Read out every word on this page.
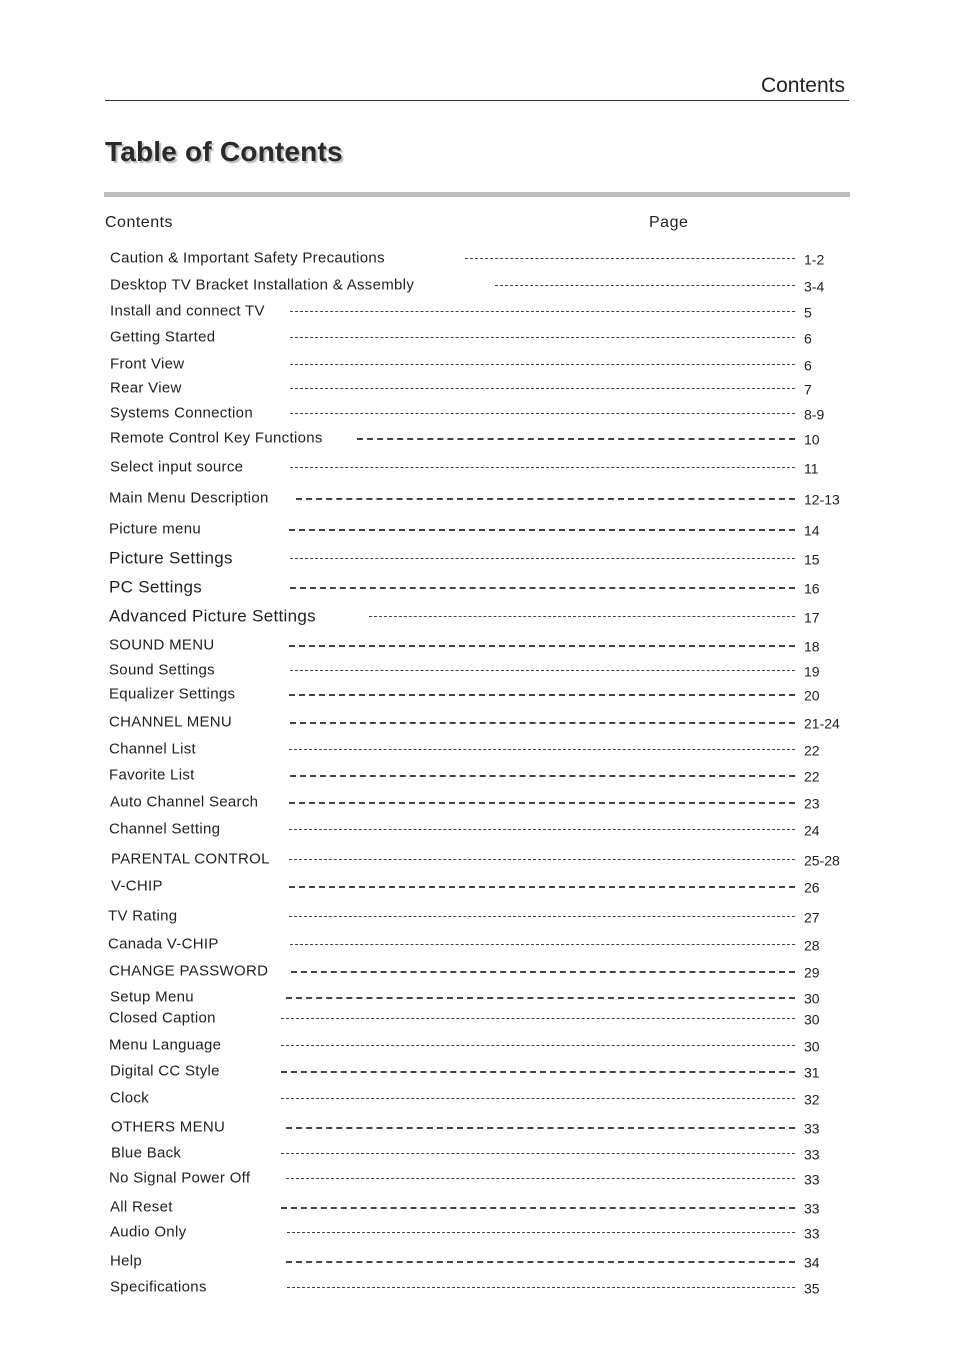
Contents
Table of Contents
Contents	Page
Caution & Important Safety Precautions	1-2
Desktop TV Bracket Installation & Assembly	3-4
Install and connect TV	5
Getting Started	6
Front View	6
Rear View	7
Systems Connection	8-9
Remote Control Key Functions	10
Select input source	11
Main Menu Description	12-13
Picture menu	14
Picture Settings	15
PC Settings	16
Advanced Picture Settings	17
SOUND MENU	18
Sound Settings	19
Equalizer Settings	20
CHANNEL MENU	21-24
Channel List	22
Favorite List	22
Auto Channel Search	23
Channel Setting	24
PARENTAL CONTROL	25-28
V-CHIP	26
TV Rating	27
Canada V-CHIP	28
CHANGE PASSWORD	29
Setup Menu	30
Closed Caption	30
Menu Language	30
Digital CC Style	31
Clock	32
OTHERS MENU	33
Blue Back	33
No Signal Power Off	33
All Reset	33
Audio Only	33
Help	34
Specifications	35
